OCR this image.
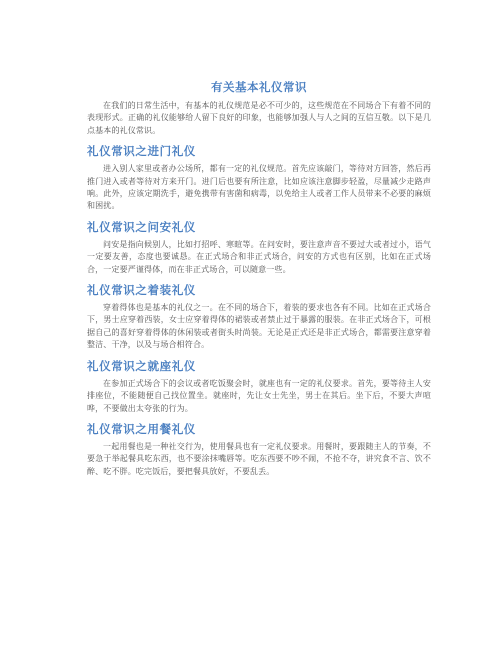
有关基本礼仪常识

在我们的日常生活中，有基本的礼仪规范是必不可少的，这些规范在不同场合下有着不同的表现形式。正确的礼仪能够给人留下良好的印象，也能够加强人与人之间的互信互敬。以下是几点基本的礼仪常识。

礼仪常识之进门礼仪

进入别人家里或者办公场所，都有一定的礼仪规范。首先应该敲门，等待对方回答，然后再推门进入或者等待对方来开门。进门后也要有所注意，比如应该注意脚步轻盈，尽量减少走路声响。此外，应该定期洗手，避免携带有害菌和病毒，以免给主人或者工作人员带来不必要的麻烦和困扰。

礼仪常识之问安礼仪

问安是指向候别人，比如打招呼、寒暄等。在问安时，要注意声音不要过大或者过小，语气一定要友善，态度也要诚恳。在正式场合和非正式场合，问安的方式也有区别，比如在正式场合，一定要严谨得体，而在非正式场合，可以随意一些。

礼仪常识之着装礼仪

穿着得体也是基本的礼仪之一。在不同的场合下，着装的要求也各有不同。比如在正式场合下，男士应穿着西装，女士应穿着得体的裙装或者禁止过于暴露的服装。在非正式场合下，可根据自己的喜好穿着得体的休闲装或者街头时尚装。无论是正式还是非正式场合，都需要注意穿着整洁、干净，以及与场合相符合。

礼仪常识之就座礼仪

在参加正式场合下的会议或者吃饭聚会时，就座也有一定的礼仪要求。首先，要等待主人安排座位，不能随便自己找位置坐。就座时，先让女士先坐，男士在其后。坐下后，不要大声喧哗，不要做出太夸张的行为。

礼仪常识之用餐礼仪

一起用餐也是一种社交行为，使用餐具也有一定礼仪要求。用餐时，要跟随主人的节奏，不要急于举起餐具吃东西，也不要涂抹嘴唇等。吃东西要不吵不闹，不抢不夺，讲究食不言、饮不醉、吃不胖。吃完饭后，要把餐具放好，不要乱丢。
